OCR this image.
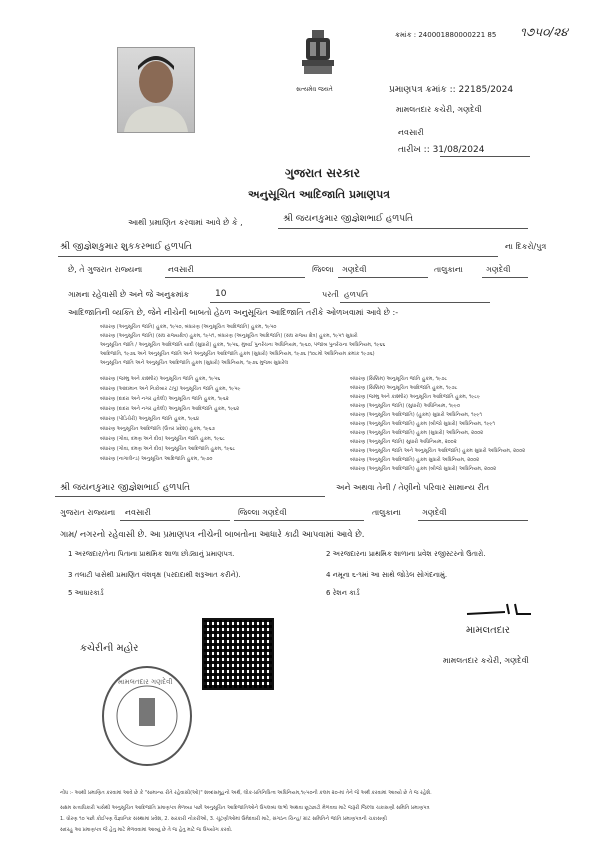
ક્રમાંક : 240001880000221 85 ૧૭૫૦/૨૪
સત્યમેવ જયતે	પ્રમાણપત્ર ક્રમાંક :: 22185/2024
મામલતદાર કચેરી, ગણદેવી
નવસારી
તારીખ :: 31/08/2024
ગુજરાત સરકાર
અનુસૂચિત આદિજાતિ પ્રમાણપત્ર
આથી પ્રમાણિત કરવામાં આવે છે કે ,	શ્રી જયનકુમાર જીજ્ઞેશભાઈ હળપતિ
શ્રી જીજ્ઞેશકુમાર શુકકરભાઈ હળપતિ	ના દિકરો/પુત્ર
છે, તે ગુજરાત રાજ્યના	નવસારી	જિલ્લા ગણદેવી	તાલુકાના	ગણદેવી
ગામના રહેવાસી છે અને જે અનુક્રમાંક	10	પરતી હળપતિ
આદિજાતિની વ્યક્તિ છે, જેને નીચેની બાબતો હેઠળ અનુસૂચિત આદિજાતિ તરીકે ઓળખવામાં આવે છે :-
બંધારણ (અનુસૂચિત જાતિ) હુકમ, ૧૯૫૦, બંધારણ (અનુસૂચિત આદિજાતિ) હુકમ, ૧૯૫૦
બંધારણ (અનુસૂચિત જાતિ) (સંઘ રાજ્યક્ષેત્ર) હુકમ, ૧૯૫૧, બંધારણ (અનુસૂચિત આદિજાતિ) (સંઘ રાજ્ય ક્ષેત્ર) હુકમ, ૧૯૫૧ સુધારો
અનુસૂચિત જાતિ / અનુસૂચિત આદિજાતિ યાદી (સુધારો) હુકમ, ૧૯૫૬, મુંબઈ પુનર્રચના અધિનિયમ, ૧૯૬૦, પંજાબ પુનર્રચના અધિનિયમ, ૧૯૬૬
આદિજાતિ, ૧૯૭૬ અને અનુસૂચિત જાતિ અને અનુસૂચિત આદિજાતિ હુકમ (સુધારો) અધિનિયમ, ૧૯૭૬ (૧૦૮મો અધિનિયમ ક્રમાંક ૧૯૭૬)
અનુસૂચિત જાતિ અને અનુસૂચિત આદિજાતિ હુકમ (સુધારો) અધિનિયમ, ૧૯૭૬ મુજબ સુધારેલ
બંધારણ (જમ્મુ અને કાશ્મીર) અનુસૂચિત જાતિ હુકમ, ૧૯૫૬
બંધારણ (આંદામાન અને નિકોબાર ટાપુ) અનુસૂચિત જાતિ હુકમ, ૧૯૫૯
બંધારણ (દાદરા અને નગર હવેલી) અનુસૂચિત જાતિ હુકમ, ૧૯૬૨
બંધારણ (દાદરા અને નગર હવેલી) અનુસૂચિત આદિજાતિ હુકમ, ૧૯૬૨
બંધારણ (પોંડિચેરી) અનુસૂચિત જાતિ હુકમ, ૧૯૬૪
બંધારણ અનુસૂચિત આદિજાતિ (ઉત્તર પ્રદેશ) હુકમ, ૧૯૬૭
બંધારણ (ગોવા, દમણ અને દીવ) અનુસૂચિત જાતિ હુકમ, ૧૯૬૮
બંધારણ (ગોવા, દમણ અને દીવ) અનુસૂચિત આદિજાતિ હુકમ, ૧૯૬૮
બંધારણ (નાગાલેન્ડ) અનુસૂચિત આદિજાતિ હુકમ, ૧૯૭૦
બંધારણ (સિક્કિમ) અનુસૂચિત જાતિ હુકમ, ૧૯૭૮
બંધારણ (સિક્કિમ) અનુસૂચિત આદિજાતિ હુકમ, ૧૯૭૮
બંધારણ (જમ્મુ અને કાશ્મીર) અનુસૂચિત આદિજાતિ હુકમ, ૧૯૮૯
બંધારણ (અનુસૂચિત જાતિ) (સુધારો) અધિનિયમ, ૧૯૯૦
બંધારણ (અનુસૂચિત આદિજાતિ) (હુકમ) સુધારો અધિનિયમ, ૧૯૯૧
બંધારણ (અનુસૂચિત આદિજાતિ) હુકમ (બીજો સુધારો) અધિનિયમ, ૧૯૯૧
બંધારણ (અનુસૂચિત આદિજાતિ) હુકમ (સુધારો) અધિનિયમ, ૨૦૦૨
બંધારણ (અનુસૂચિત જાતિ) સુધારો અધિનિયમ, ૨૦૦૨
બંધારણ (અનુસૂચિત જાતિ અને અનુસૂચિત આદિજાતિ) હુકમ સુધારો અધિનિયમ, ૨૦૦૨
બંધારણ (અનુસૂચિત આદિજાતિ) હુકમ સુધારો અધિનિયમ, ૨૦૦૨
બંધારણ (અનુસૂચિત આદિજાતિ) હુકમ (બીજો સુધારો) અધિનિયમ, ૨૦૦૨
શ્રી જયનકુમાર જીજ્ઞેશભાઈ હળપતિ	અને અથવા તેની / તેણીનો પરિવાર સામાન્ય રીત
ગુજરાત રાજ્યના નવસારી	જિલ્લા ગણદેવી	તાલુકાના	ગણદેવી
ગામ/ નગરનો રહેવાસી છે. આ પ્રમાણપત્ર નીચેની બાબતોના આધારે કાઢી આપવામાં આવે છે.
1 અરજદાર/તેના પિતાના પ્રાથમિક શાળા છોડ્યાનું પ્રમાણપત્ર.	2 અરજદારના પ્રાથમિક શાળાના પ્રવેશ રજીસ્ટરનો ઉતારો.
3 તલાટી પાસેથી પ્રમાણિત વંશવૃક્ષ (પરદાદાથી શરૂઆત કરીને).	4 નમૂના ૬-૧માં આ સાથે જોડેલ સોગંદનામું.
5 આધારકાર્ડ	6 રેશન કાર્ડ
કચેરીની મહોર
મામલતદાર
મામલતદાર કચેરી, ગણદેવી
મામલતદાર ગણદેવી
નોંધ :- આથી પ્રમાણિત કરવામાં આવે છે કે "સામાન્ય રીતે રહેવાસી(ઓ)" શબ્દસમૂહનો અર્થ, લોક-પ્રતિનિધિત્વ અધિનિયમ,૧૯૫૦ની કલમ ૨૦-માં તેને જે અર્થ કરવામાં આવ્યો છે તે જ રહેશે.
સક્ષમ સત્તાધિકારી પાસેથી અનુસૂચિત આદિજાતિ પ્રમાણપત્ર મેળવ્યા પછી અનુસૂચિત આદિજાતિઓને ઉપલબ્ધ લાભો અથવા છૂટછાટો મેળવવા માટે જરૂરી જિલ્લા ચકાસણી સમિતિ પ્રમાણપત્ર
1. ધોરણ ૧૦ પછી કોઈપણ વૈજ્ઞાનિક સંસ્થામાં પ્રવેશ, 2. સરકારી નોકરીઓ, 3. ચૂંટણીઓમાં ઉમેદવારી માટે, સંગઠન ચિન્હ/ ગ્રાંટ સમિતિને જાતિ પ્રમાણપત્રની ચકાસણી
સદરહુ આ પ્રમાણપત્ર જે હેતુ માટે મેળવવામાં આવ્યું છે તે જ હેતુ માટે જ ઉપયોગ કરવો.
